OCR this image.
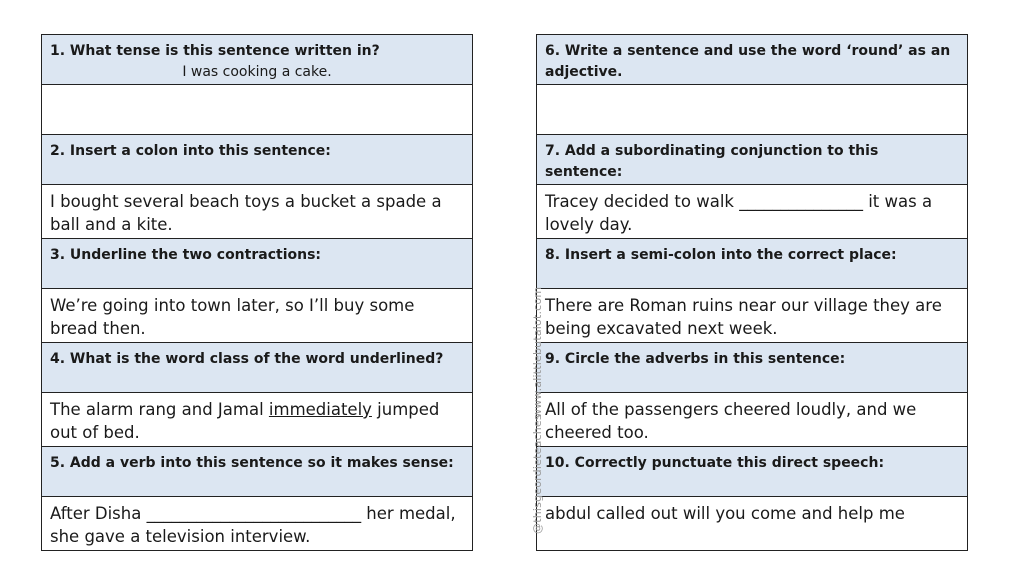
1. What tense is this sentence written in?
I was cooking a cake.
2. Insert a colon into this sentence:
I bought several beach toys a bucket a spade a ball and a kite.
3. Underline the two contractions:
We’re going into town later, so I’ll buy some bread then.
4. What is the word class of the word underlined?
The alarm rang and Jamal immediately jumped out of bed.
5. Add a verb into this sentence so it makes sense:
After Disha __________________________ her medal, she gave a television interview.
6. Write a sentence and use the word ‘round’ as an adjective.
7. Add a subordinating conjunction to this sentence:
Tracey decided to walk _______________ it was a lovely day.
8. Insert a semi-colon into the correct place:
There are Roman ruins near our village they are being excavated next week.
9. Circle the adverbs in this sentence:
All of the passengers cheered loudly, and we cheered too.
10. Correctly punctuate this direct speech:
abdul called out will you come and help me
www.alittlebutalot.com
@thisgeordieteaches
